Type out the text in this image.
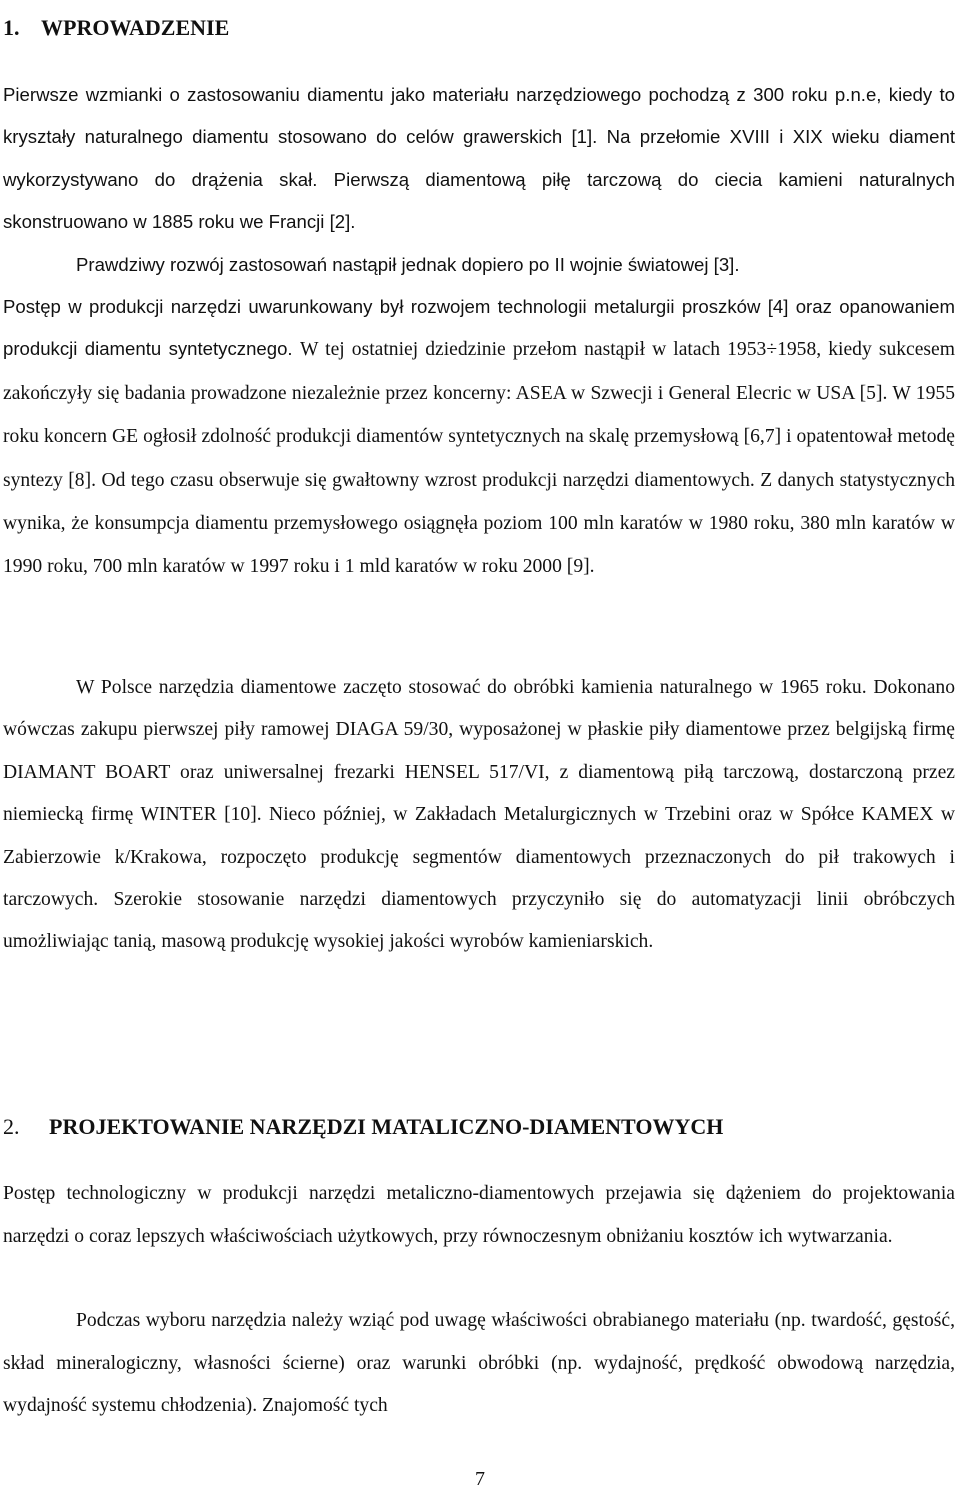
1. WPROWADZENIE

Pierwsze wzmianki o zastosowaniu diamentu jako materiału narzędziowego pochodzą z 300 roku p.n.e, kiedy to kryształy naturalnego diamentu stosowano do celów grawerskich [1]. Na przełomie XVIII i XIX wieku diament wykorzystywano do drążenia skał. Pierwszą diamentową piłę tarczową do ciecia kamieni naturalnych skonstruowano w 1885 roku we Francji [2].
Prawdziwy rozwój zastosowań nastąpił jednak dopiero po II wojnie światowej [3].
Postęp w produkcji narzędzi uwarunkowany był rozwojem technologii metalurgii proszków [4] oraz opanowaniem produkcji diamentu syntetycznego. W tej ostatniej dziedzinie przełom nastąpił w latach 1953÷1958, kiedy sukcesem zakończyły się badania prowadzone niezależnie przez koncerny: ASEA w Szwecji i General Elecric w USA [5]. W 1955 roku koncern GE ogłosił zdolność produkcji diamentów syntetycznych na skalę przemysłową [6,7] i opatentował metodę syntezy [8]. Od tego czasu obserwuje się gwałtowny wzrost produkcji narzędzi diamentowych. Z danych statystycznych wynika, że konsumpcja diamentu przemysłowego osiągnęła poziom 100 mln karatów w 1980 roku, 380 mln karatów w 1990 roku, 700 mln karatów w 1997 roku i 1 mld karatów w roku 2000 [9].

W Polsce narzędzia diamentowe zaczęto stosować do obróbki kamienia naturalnego w 1965 roku. Dokonano wówczas zakupu pierwszej piły ramowej DIAGA 59/30, wyposażonej w płaskie piły diamentowe przez belgijską firmę DIAMANT BOART oraz uniwersalnej frezarki HENSEL 517/VI, z diamentową piłą tarczową, dostarczoną przez niemiecką firmę WINTER [10]. Nieco później, w Zakładach Metalurgicznych w Trzebini oraz w Spółce KAMEX w Zabierzowie k/Krakowa, rozpoczęto produkcję segmentów diamentowych przeznaczonych do pił trakowych i tarczowych. Szerokie stosowanie narzędzi diamentowych przyczyniło się do automatyzacji linii obróbczych umożliwiając tanią, masową produkcję wysokiej jakości wyrobów kamieniarskich.

2. PROJEKTOWANIE NARZĘDZI MATALICZNO-DIAMENTOWYCH

Postęp technologiczny w produkcji narzędzi metaliczno-diamentowych przejawia się dążeniem do projektowania narzędzi o coraz lepszych właściwościach użytkowych, przy równoczesnym obniżaniu kosztów ich wytwarzania.

Podczas wyboru narzędzia należy wziąć pod uwagę właściwości obrabianego materiału (np. twardość, gęstość, skład mineralogiczny, własności ścierne) oraz warunki obróbki (np. wydajność, prędkość obwodową narzędzia, wydajność systemu chłodzenia). Znajomość tych

7
